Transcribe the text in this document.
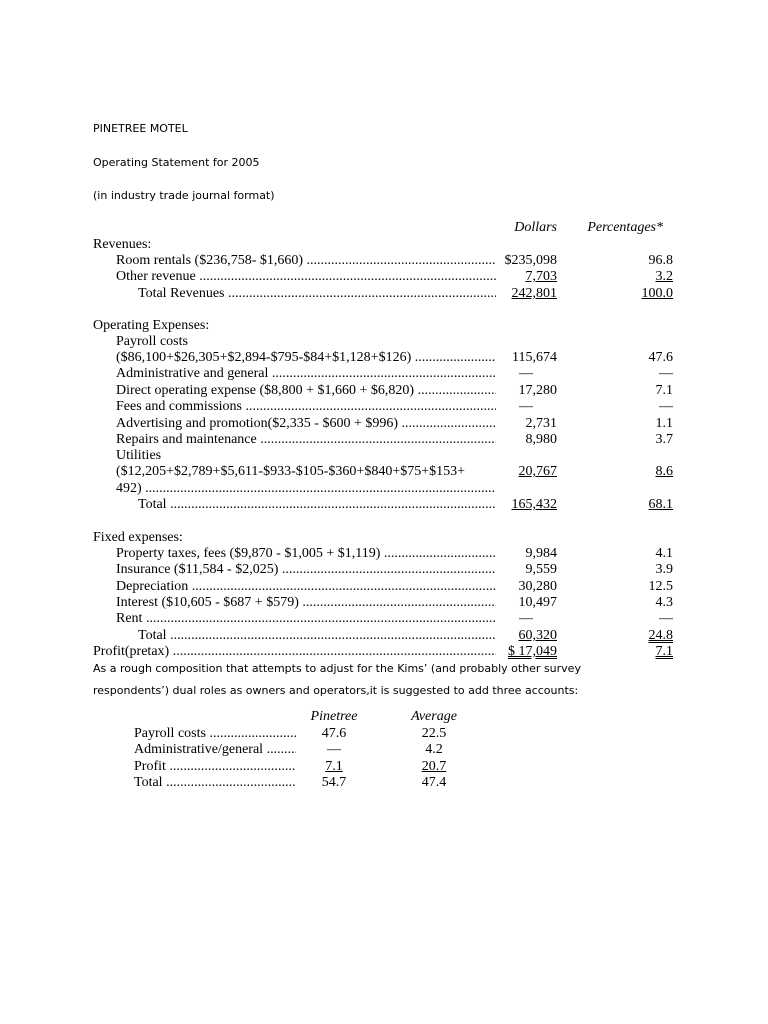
PINETREE MOTEL
Operating Statement for 2005
(in industry trade journal format)
Dollars Percentages*
Revenues:
Room rentals ($236,758- $1,660) .....	$235,098	96.8
Other revenue .....	7,703	3.2
Total Revenues .....	242,801	100.0
Operating Expenses:
Payroll costs
($86,100+$26,305+$2,894-$795-$84+$1,128+$126) .....	115,674	47.6
Administrative and general .....	—	—
Direct operating expense ($8,800 + $1,660 + $6,820) .....	17,280	7.1
Fees and commissions .....	—	—
Advertising and promotion($2,335 - $600 + $996) .....	2,731	1.1
Repairs and maintenance .....	8,980	3.7
Utilities
($12,205+$2,789+$5,611-$933-$105-$360+$840+$75+$153+	20,767	8.6
492) .....
Total .....	165,432	68.1
Fixed expenses:
Property taxes, fees ($9,870 - $1,005 + $1,119) .....	9,984	4.1
Insurance ($11,584 - $2,025) .....	9,559	3.9
Depreciation .....	30,280	12.5
Interest ($10,605 - $687 + $579) .....	10,497	4.3
Rent .....	—	—
Total .....	60,320	24.8
Profit(pretax) .....	$ 17,049	7.1
As a rough composition that attempts to adjust for the Kims’ (and probably other survey
respondents’) dual roles as owners and operators,it is suggested to add three accounts:
Pinetree	Average
Payroll costs .....	47.6	22.5
Administrative/general .....	—	4.2
Profit .....	7.1	20.7
Total .....	54.7	47.4
